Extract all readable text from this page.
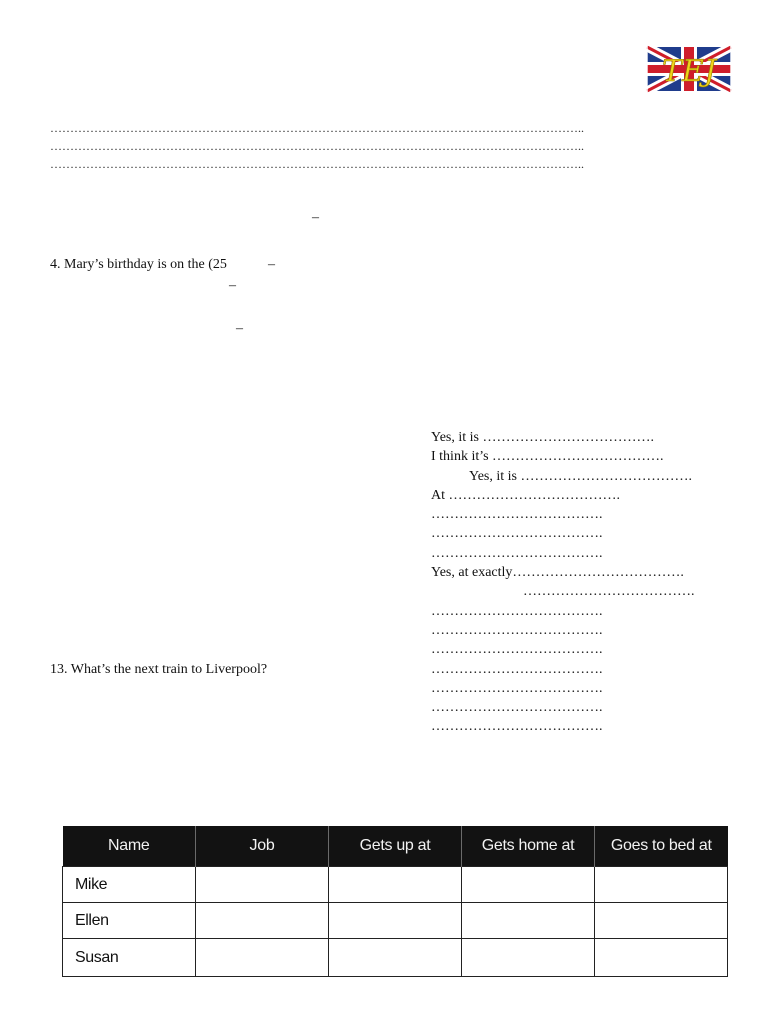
TEJ
……………………………………………………………………………………………………………………..
……………………………………………………………………………………………………………………..
……………………………………………………………………………………………………………………..
–
4. Mary’s birthday is on the (25	–
–
–
13. What’s the next train to Liverpool?
Yes, it is ……………………………….
I think it’s ……………………………….
Yes, it is ……………………………….
At ……………………………….
……………………………….
……………………………….
……………………………….
Yes, at exactly……………………………….
……………………………….
……………………………….
……………………………….
……………………………….
……………………………….
……………………………….
……………………………….
……………………………….
Name	Job	Gets up at	Gets home at	Goes to bed at
Mike				
Ellen				
Susan				
